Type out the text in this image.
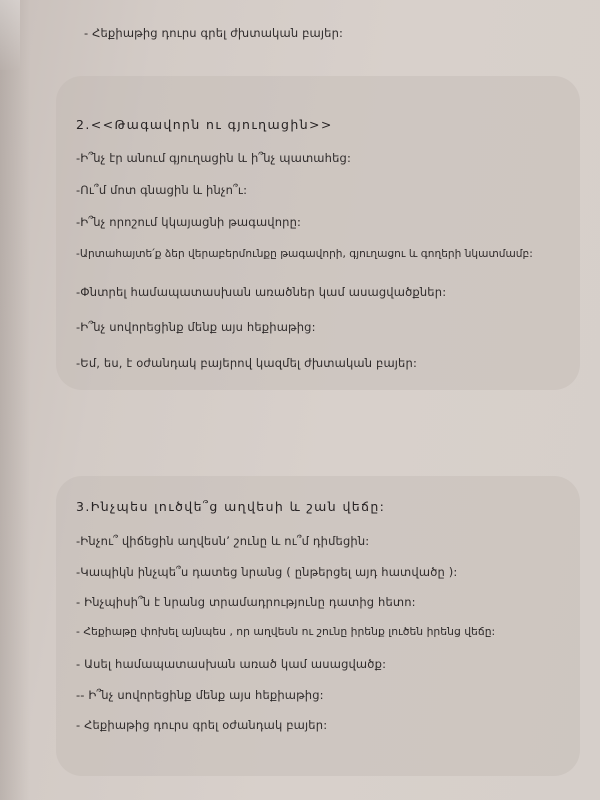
- Հեքիաթից դուրս գրել ժխտական բայեր:
2.<<Թագավորն ու գյուղացին>>
-Ի՞նչ էր անում գյուղացին և ի՞նչ պատահեց:
-Ու՞մ մոտ գնացին և ինչո՞ւ:
-Ի՞նչ որոշում կկայացնի թագավորը:
-Արտահայտե՛ք ձեր վերաբերմունքը թագավորի, գյուղացու և գողերի նկատմամբ:
-Փնտրել համապատասխան առածներ կամ ասացվածքներ:
-Ի՞նչ սովորեցինք մենք այս հեքիաթից:
-Եմ, ես, է օժանդակ բայերով կազմել ժխտական բայեր:
3.Ինչպես լուծվե՞ց աղվեսի և շան վեճը:
-Ինչու՞ վիճեցին աղվեսն՚ շունը և ու՞մ դիմեցին:
-Կապիկն ինչպե՞ս դատեց նրանց ( ընթերցել այդ հատվածը ):
- Ինչպիսի՞ն է նրանց տրամադրությունը դատից հետո:
- Հեքիաթը փոխել այնպես , որ աղվեսն ու շունը իրենք լուծեն իրենց վեճը:
- Ասել համապատասխան առած կամ ասացվածք:
-- Ի՞նչ սովորեցինք մենք այս հեքիաթից:
- Հեքիաթից դուրս գրել օժանդակ բայեր:
